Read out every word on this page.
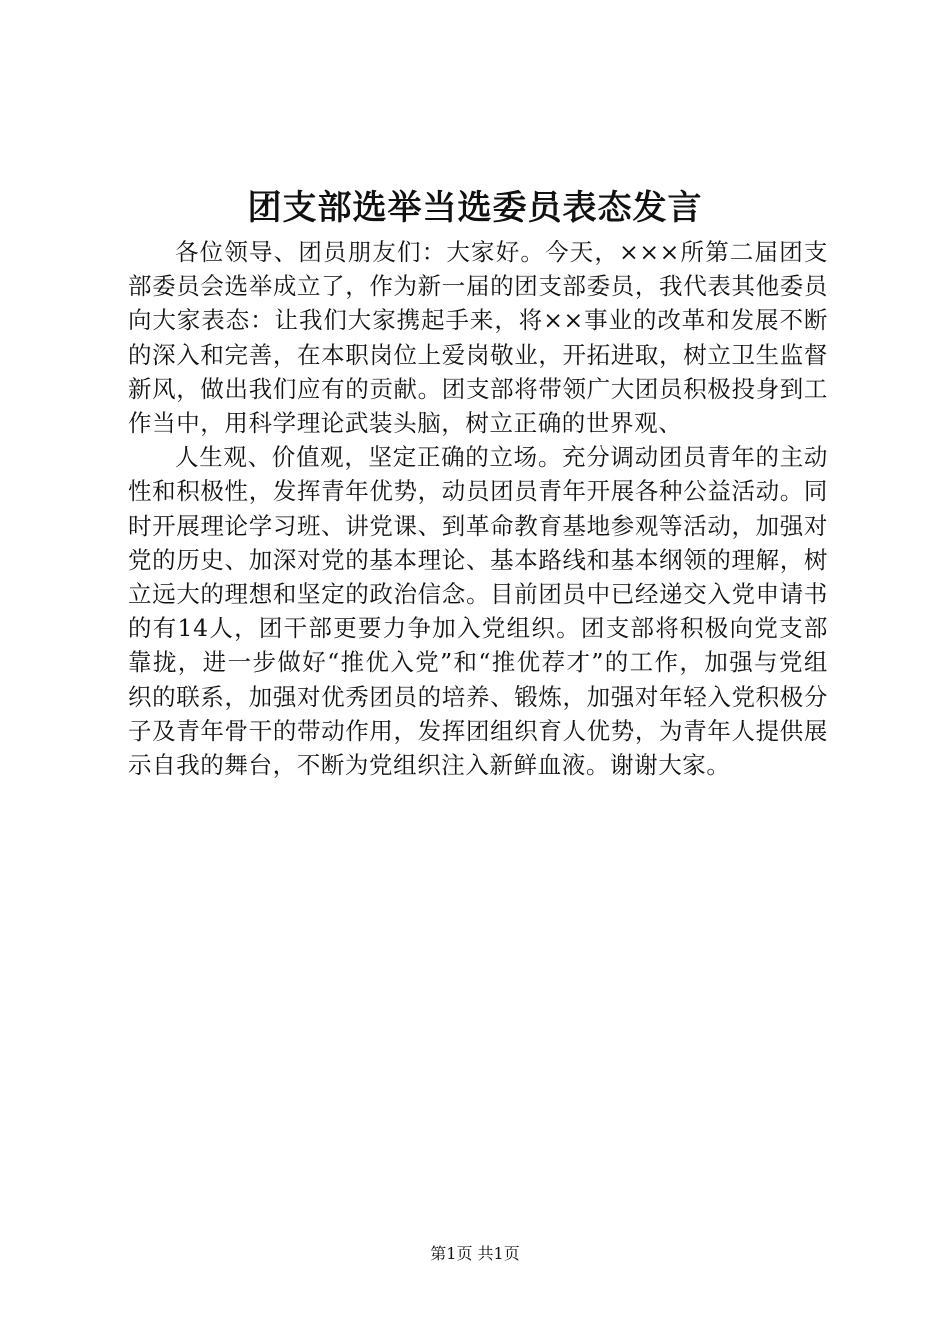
团支部选举当选委员表态发言

各位领导、团员朋友们：大家好。今天，×××所第二届团支部委员会选举成立了，作为新一届的团支部委员，我代表其他委员向大家表态：让我们大家携起手来，将××事业的改革和发展不断的深入和完善，在本职岗位上爱岗敬业，开拓进取，树立卫生监督新风，做出我们应有的贡献。团支部将带领广大团员积极投身到工作当中，用科学理论武装头脑，树立正确的世界观、

人生观、价值观，坚定正确的立场。充分调动团员青年的主动性和积极性，发挥青年优势，动员团员青年开展各种公益活动。同时开展理论学习班、讲党课、到革命教育基地参观等活动，加强对党的历史、加深对党的基本理论、基本路线和基本纲领的理解，树立远大的理想和坚定的政治信念。目前团员中已经递交入党申请书的有14人，团干部更要力争加入党组织。团支部将积极向党支部靠拢，进一步做好“推优入党”和“推优荐才”的工作，加强与党组织的联系，加强对优秀团员的培养、锻炼，加强对年轻入党积极分子及青年骨干的带动作用，发挥团组织育人优势，为青年人提供展示自我的舞台，不断为党组织注入新鲜血液。谢谢大家。

第1页 共1页
